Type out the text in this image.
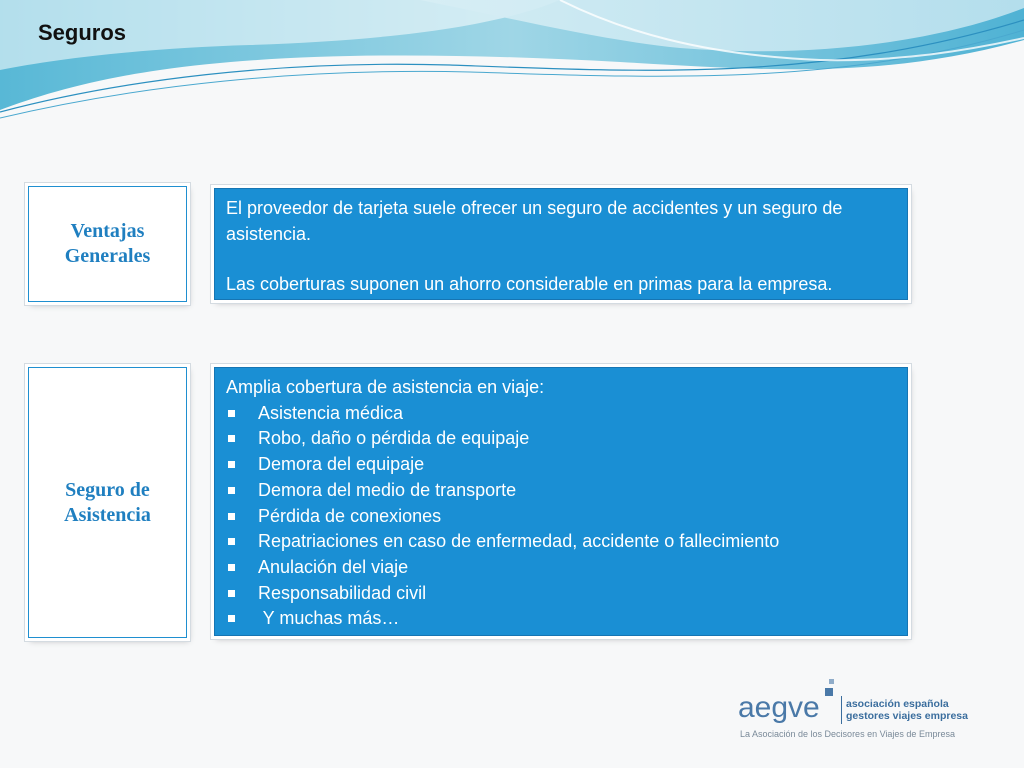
Seguros
Ventajas Generales

El proveedor de tarjeta suele ofrecer un seguro de accidentes y un seguro de asistencia.

Las coberturas suponen un ahorro considerable en primas para la empresa.

Seguro de Asistencia

Amplia cobertura de asistencia en viaje:

Asistencia médica
Robo, daño o pérdida de equipaje
Demora del equipaje
Demora del medio de transporte
Pérdida de conexiones
Repatriaciones en caso de enfermedad, accidente o fallecimiento
Anulación del viaje
Responsabilidad civil
Y muchas más…
aegve	asociación española
gestores viajes empresa
La Asociación de los Decisores en Viajes de Empresa
